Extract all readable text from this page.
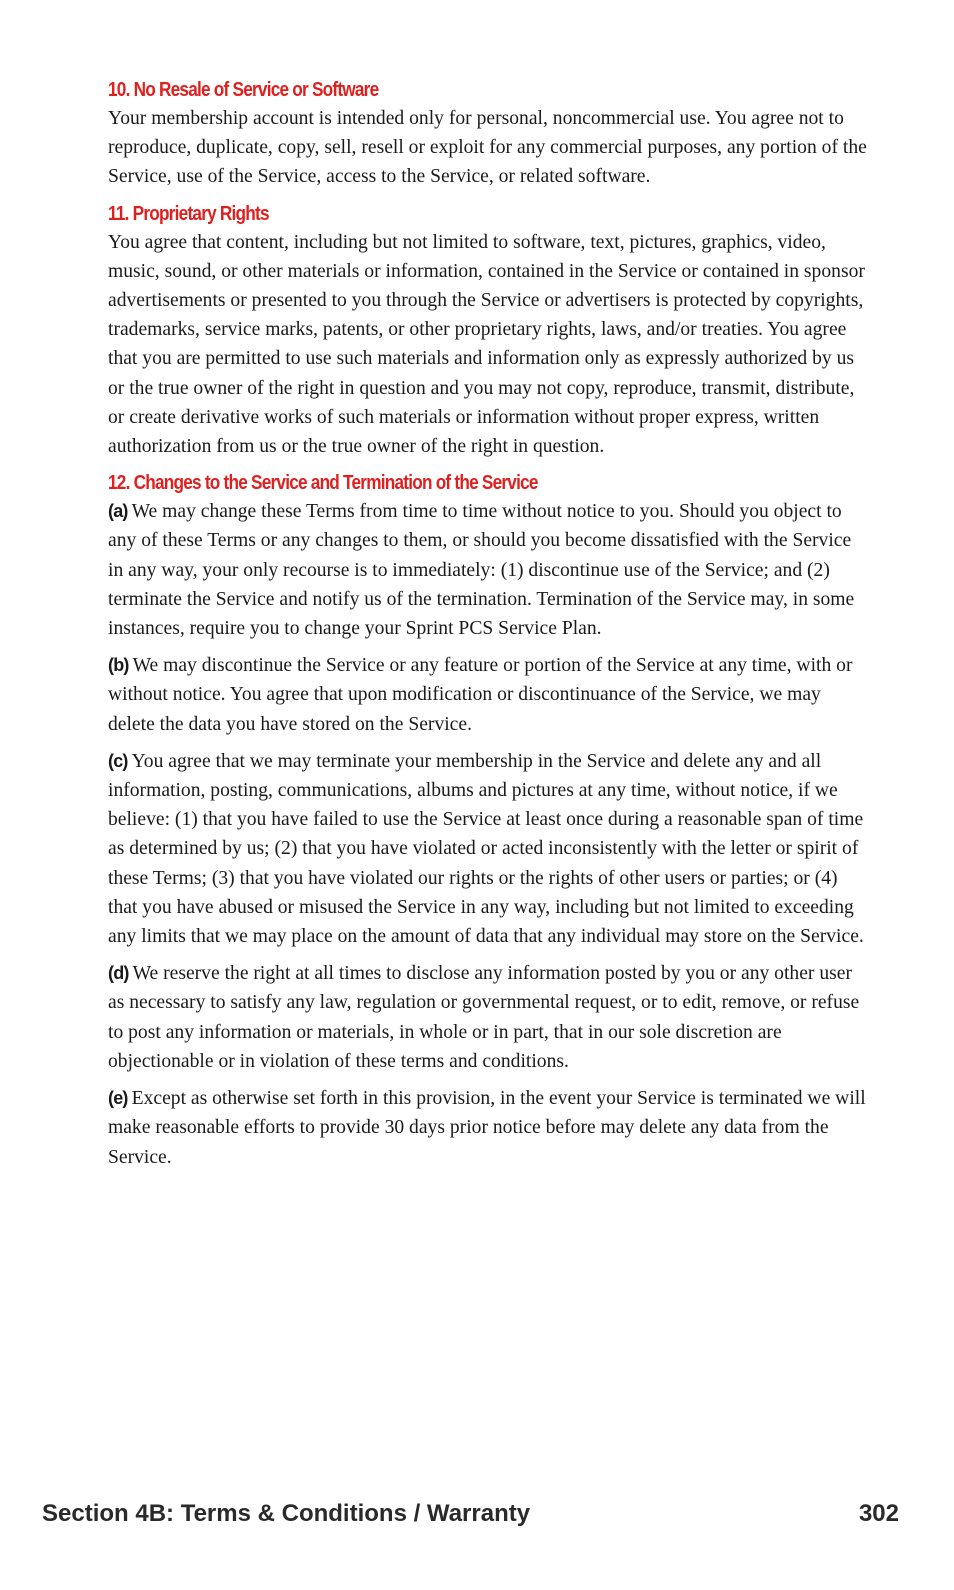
10. No Resale of Service or Software

Your membership account is intended only for personal, noncommercial use. You agree not to reproduce, duplicate, copy, sell, resell or exploit for any commercial purposes, any portion of the Service, use of the Service, access to the Service, or related software.

11. Proprietary Rights

You agree that content, including but not limited to software, text, pictures, graphics, video, music, sound, or other materials or information, contained in the Service or contained in sponsor advertisements or presented to you through the Service or advertisers is protected by copyrights, trademarks, service marks, patents, or other proprietary rights, laws, and/or treaties. You agree that you are permitted to use such materials and information only as expressly authorized by us or the true owner of the right in question and you may not copy, reproduce, transmit, distribute, or create derivative works of such materials or information without proper express, written authorization from us or the true owner of the right in question.

12. Changes to the Service and Termination of the Service

(a) We may change these Terms from time to time without notice to you. Should you object to any of these Terms or any changes to them, or should you become dissatisfied with the Service in any way, your only recourse is to immediately: (1) discontinue use of the Service; and (2) terminate the Service and notify us of the termination. Termination of the Service may, in some instances, require you to change your Sprint PCS Service Plan.

(b) We may discontinue the Service or any feature or portion of the Service at any time, with or without notice. You agree that upon modification or discontinuance of the Service, we may delete the data you have stored on the Service.

(c) You agree that we may terminate your membership in the Service and delete any and all information, posting, communications, albums and pictures at any time, without notice, if we believe: (1) that you have failed to use the Service at least once during a reasonable span of time as determined by us; (2) that you have violated or acted inconsistently with the letter or spirit of these Terms; (3) that you have violated our rights or the rights of other users or parties; or (4) that you have abused or misused the Service in any way, including but not limited to exceeding any limits that we may place on the amount of data that any individual may store on the Service.

(d) We reserve the right at all times to disclose any information posted by you or any other user as necessary to satisfy any law, regulation or governmental request, or to edit, remove, or refuse to post any information or materials, in whole or in part, that in our sole discretion are objectionable or in violation of these terms and conditions.

(e) Except as otherwise set forth in this provision, in the event your Service is terminated we will make reasonable efforts to provide 30 days prior notice before may delete any data from the Service.

Section 4B: Terms & Conditions / Warranty	302
